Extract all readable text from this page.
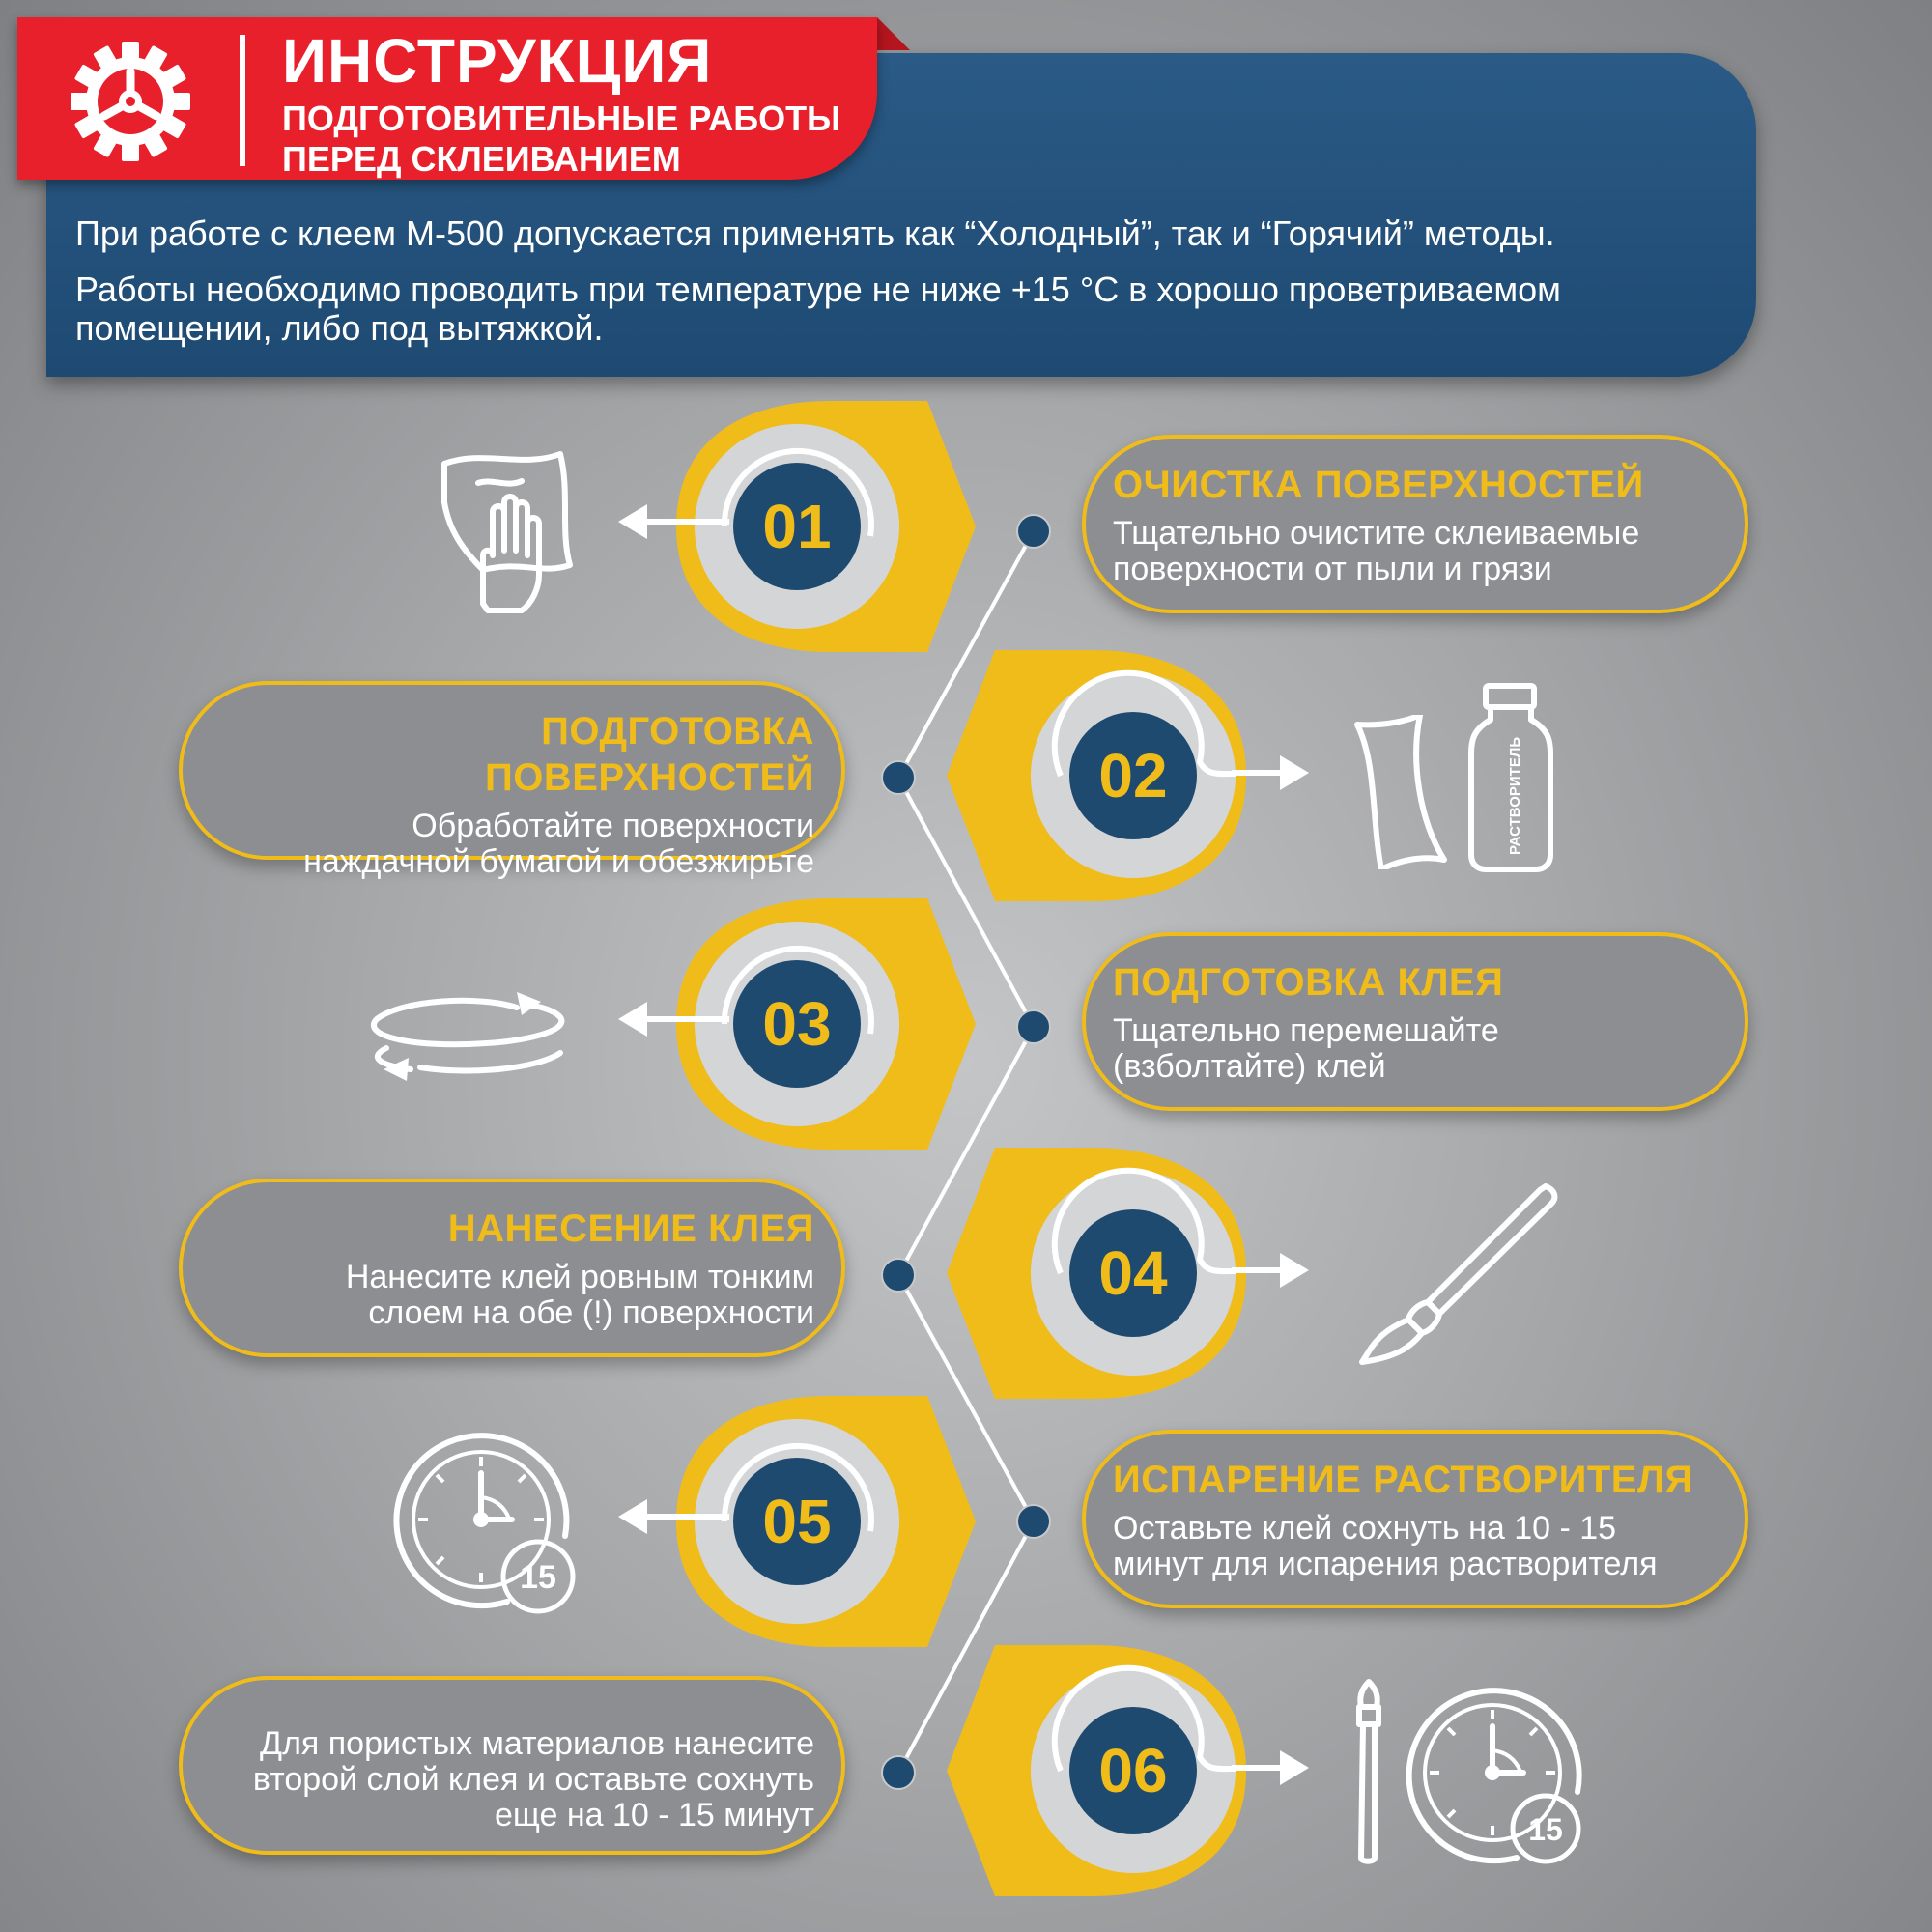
ИНСТРУКЦИЯ
ПОДГОТОВИТЕЛЬНЫЕ РАБОТЫ
ПЕРЕД СКЛЕИВАНИЕМ
При работе с клеем М-500 допускается применять как “Холодный”, так и “Горячий” методы.
Работы необходимо проводить при температуре не ниже +15 °С в хорошо проветриваемом
помещении, либо под вытяжкой.
01
ОЧИСТКА ПОВЕРХНОСТЕЙ
Тщательно очистите склеиваемые
поверхности от пыли и грязи
02	РАСТВОРИТЕЛЬ
ПОДГОТОВКА ПОВЕРХНОСТЕЙ
Обработайте поверхности
наждачной бумагой и обезжирьте
03
ПОДГОТОВКА КЛЕЯ
Тщательно перемешайте
(взболтайте) клей
04
НАНЕСЕНИЕ КЛЕЯ
Нанесите клей ровным тонким
слоем на обе (!) поверхности
05
15
ИСПАРЕНИЕ РАСТВОРИТЕЛЯ
Оставьте клей сохнуть на 10 - 15
минут для испарения растворителя
06
15
Для пористых материалов нанесите
второй слой клея и оставьте сохнуть
еще на 10 - 15 минут
